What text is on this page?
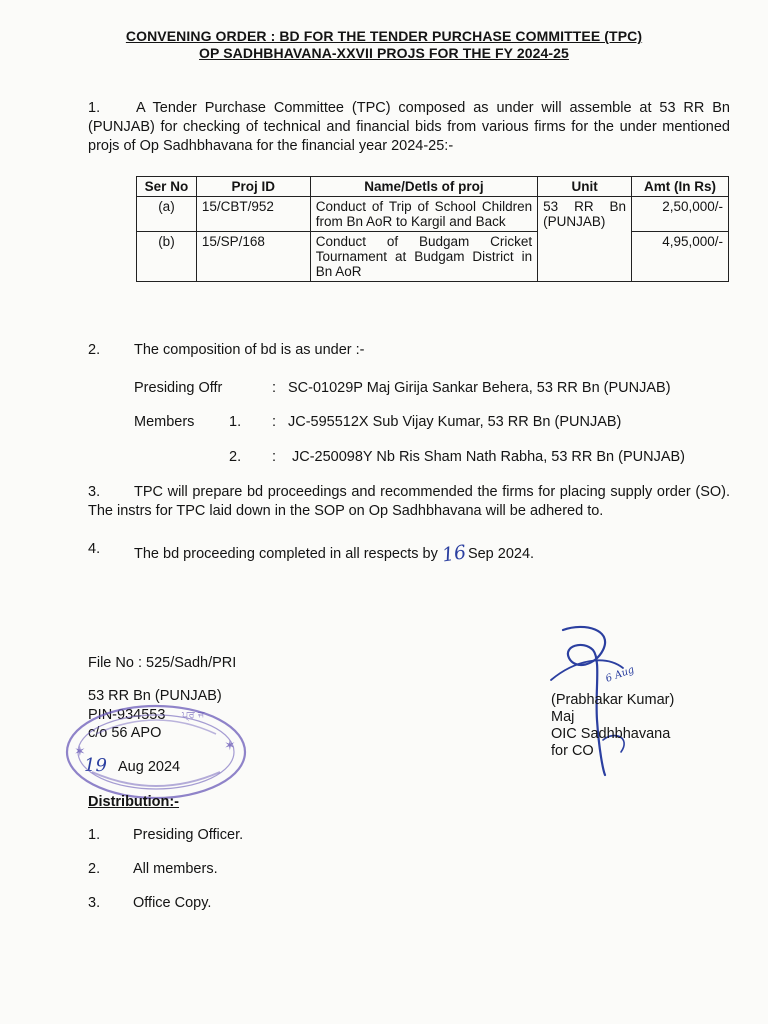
CONVENING ORDER : BD FOR THE TENDER PURCHASE COMMITTEE (TPC)
OP SADHBHAVANA-XXVII PROJS FOR THE FY 2024-25
1. A Tender Purchase Committee (TPC) composed as under will assemble at 53 RR Bn (PUNJAB) for checking of technical and financial bids from various firms for the under mentioned projs of Op Sadhbhavana for the financial year 2024-25:-
Ser No	Proj ID	Name/Detls of proj	Unit	Amt (In Rs)
(a)	15/CBT/952	Conduct of Trip of School Children from Bn AoR to Kargil and Back	53 RR Bn (PUNJAB)	2,50,000/-
(b)	15/SP/168	Conduct of Budgam Cricket Tournament at Budgam District in Bn AoR		4,95,000/-
2. The composition of bd is as under :-
Presiding Offr	: SC-01029P Maj Girija Sankar Behera, 53 RR Bn (PUNJAB)
Members 1. : JC-595512X Sub Vijay Kumar, 53 RR Bn (PUNJAB)
2. : JC-250098Y Nb Ris Sham Nath Rabha, 53 RR Bn (PUNJAB)
3. TPC will prepare bd proceedings and recommended the firms for placing supply order (SO). The instrs for TPC laid down in the SOP on Op Sadhbhavana will be adhered to.
4. The bd proceeding completed in all respects by 16 Sep 2024.
File No : 525/Sadh/PRI
53 RR Bn (PUNJAB)
PIN-934553
c/o 56 APO
19 Aug 2024
✶	✶
ਪ੍ਰ ਜ
6 Aug
(Prabhakar Kumar)
Maj
OIC Sadhbhavana
for CO
Distribution:-
1. Presiding Officer.
2. All members.
3. Office Copy.
